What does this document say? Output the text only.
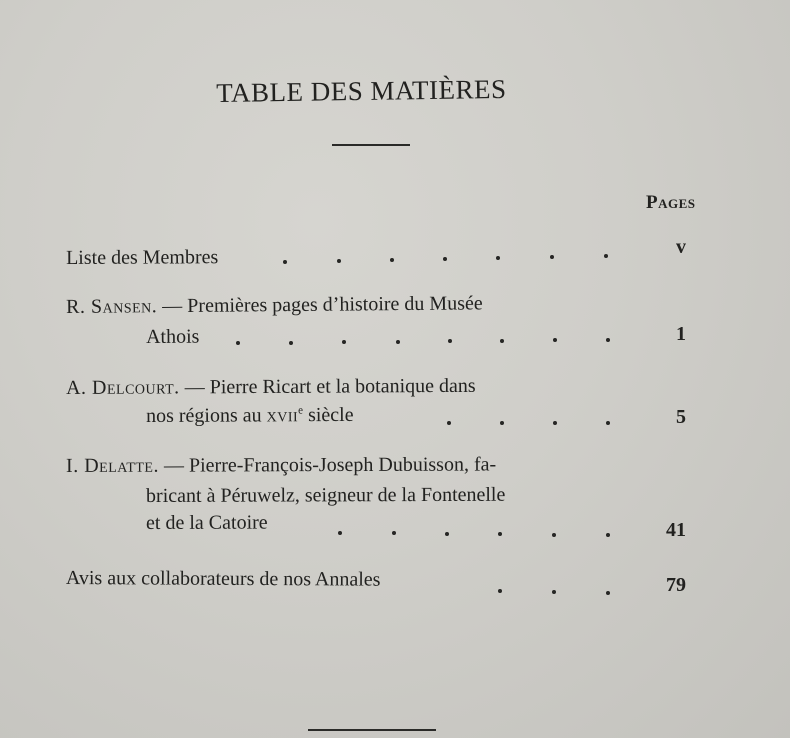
TABLE DES MATIÈRES
Pages
Liste des Membres	v
R. Sansen. — Premières pages d’histoire du Musée
Athois	1
A. Delcourt. — Pierre Ricart et la botanique dans
nos régions au xvii$^e$ siècle	5
I. Delatte. — Pierre-François-Joseph Dubuisson, fa-
bricant à Péruwelz, seigneur de la Fontenelle
et de la Catoire	41
Avis aux collaborateurs de nos Annales	79
